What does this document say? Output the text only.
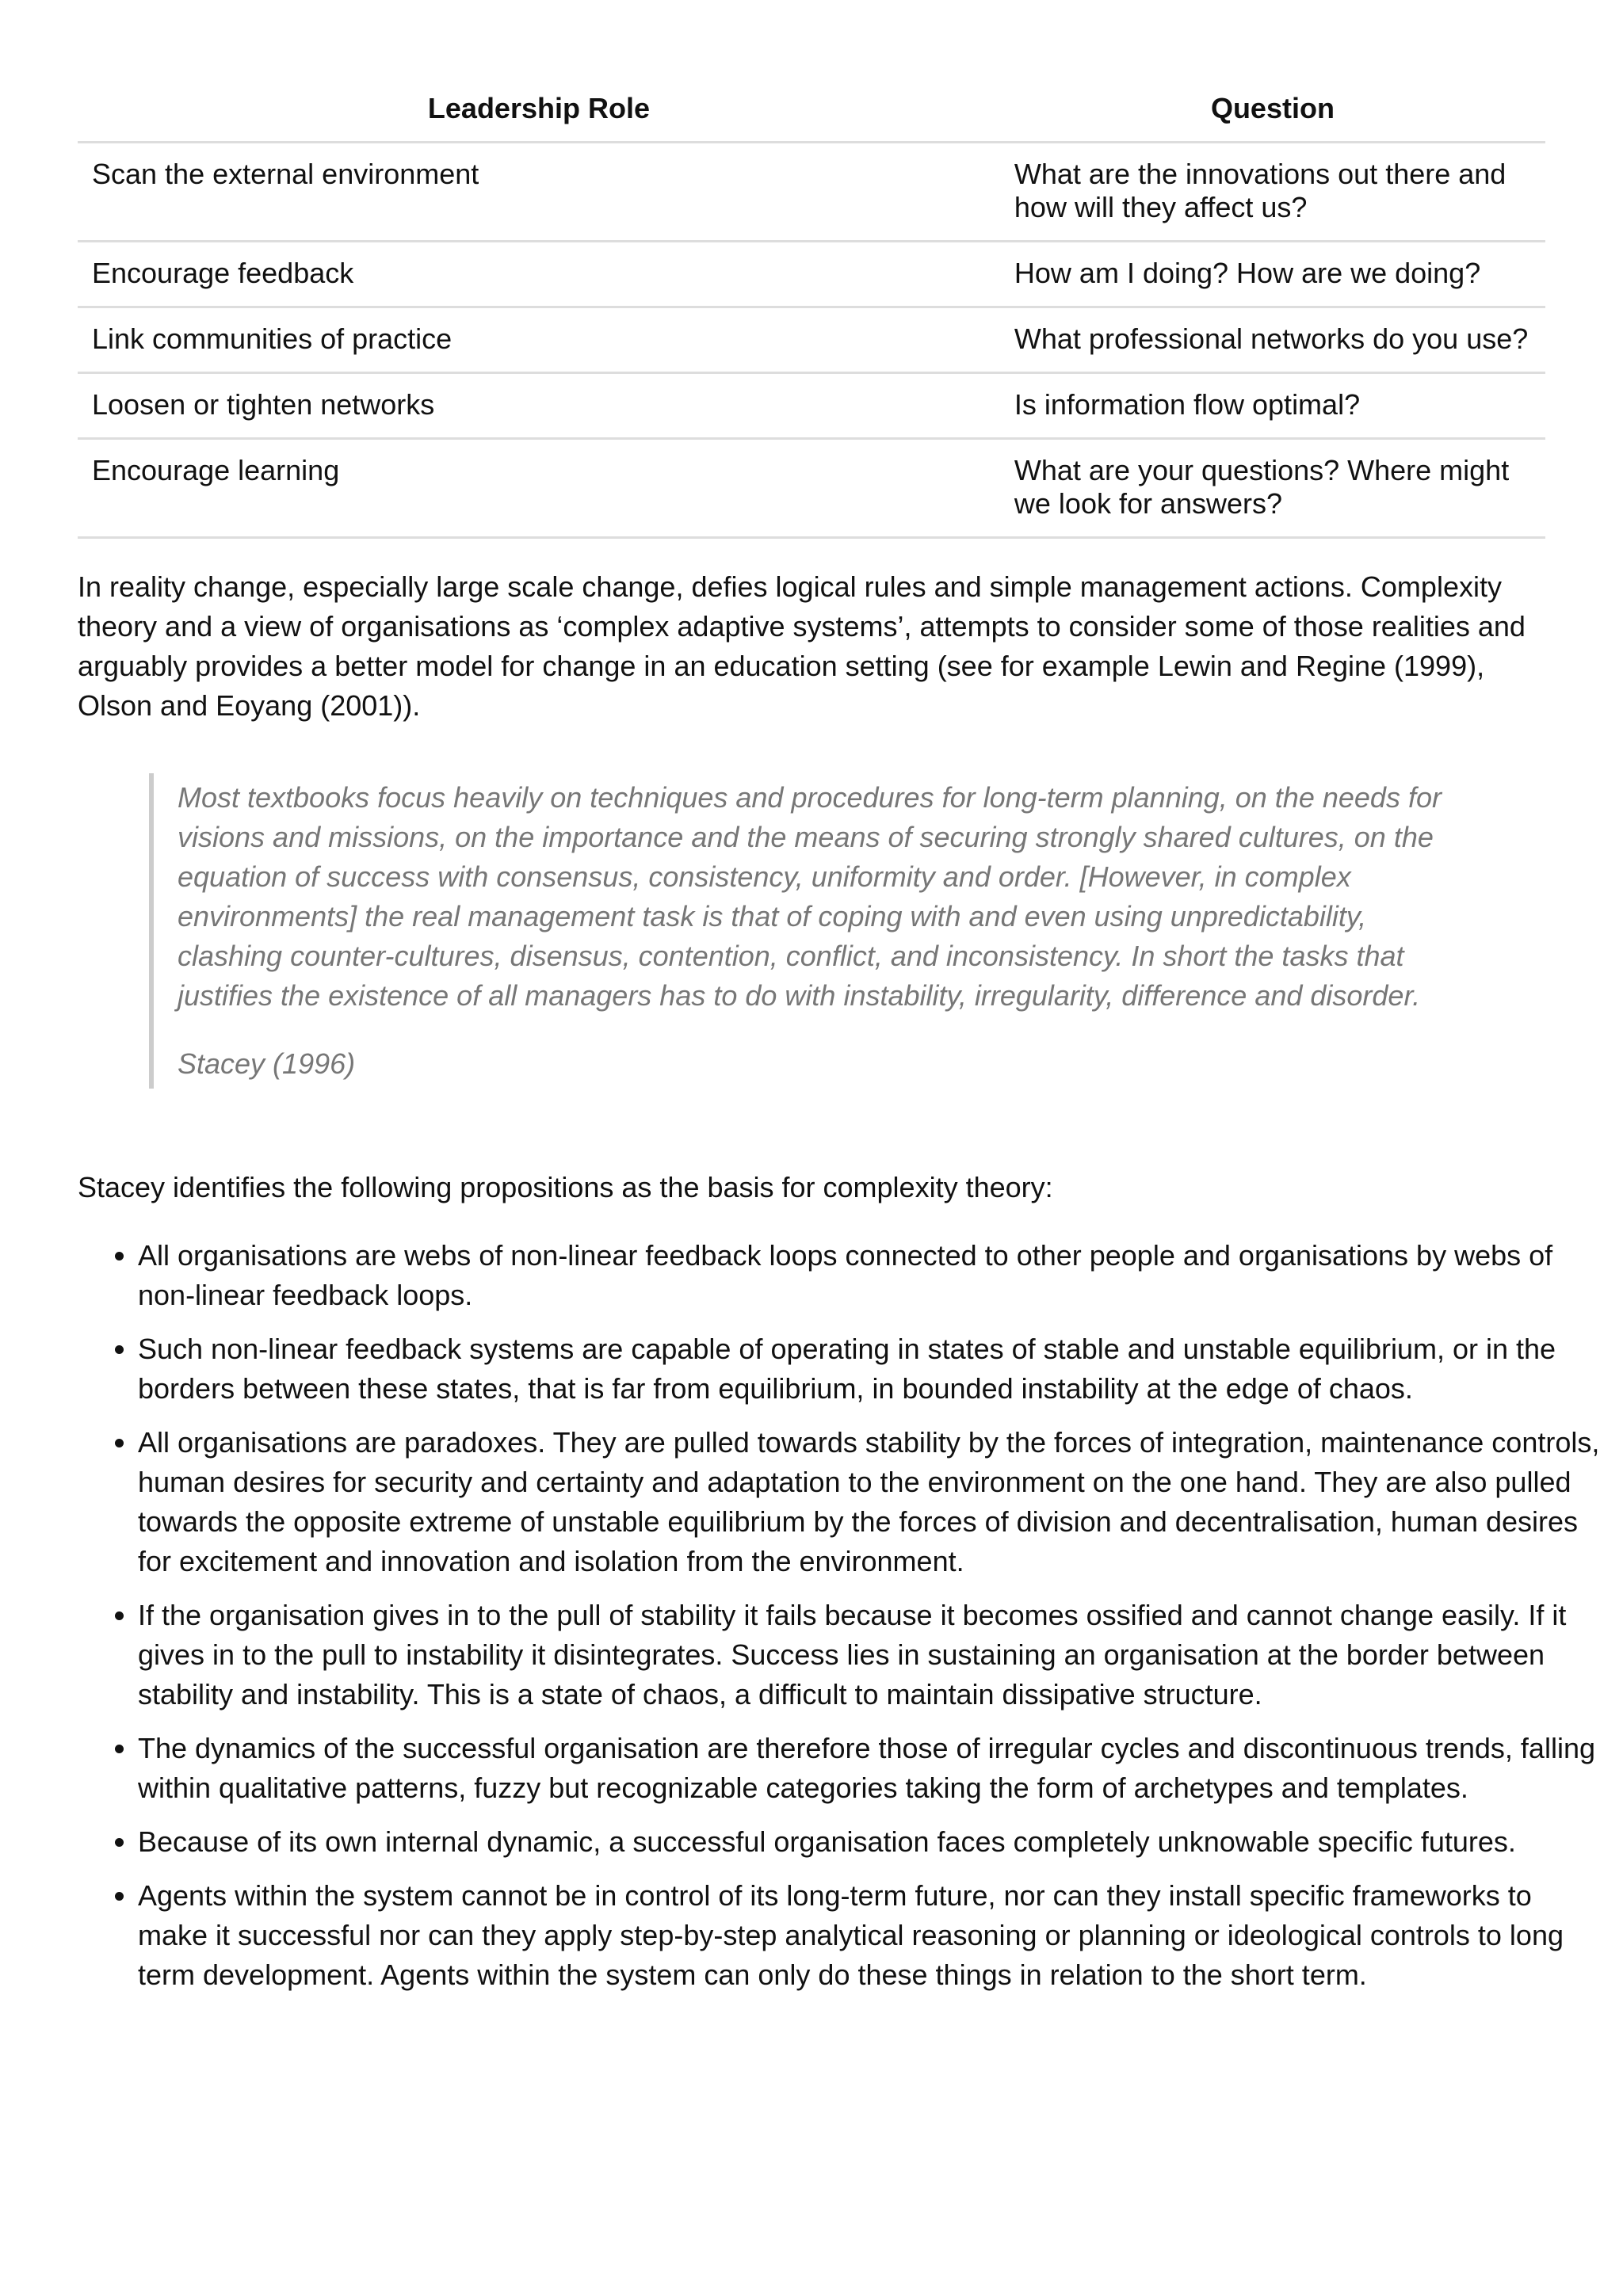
Leadership Role	Question
Scan the external environment	What are the innovations out there and how will they affect us?
Encourage feedback	How am I doing? How are we doing?
Link communities of practice	What professional networks do you use?
Loosen or tighten networks	Is information flow optimal?
Encourage learning	What are your questions? Where might we look for answers?

In reality change, especially large scale change, defies logical rules and simple management actions. Complexity theory and a view of organisations as ‘complex adaptive systems’, attempts to consider some of those realities and arguably provides a better model for change in an education setting (see for example Lewin and Regine (1999), Olson and Eoyang (2001)).

Most textbooks focus heavily on techniques and procedures for long-term planning, on the needs for visions and missions, on the importance and the means of securing strongly shared cultures, on the equation of success with consensus, consistency, uniformity and order. [However, in complex environments] the real management task is that of coping with and even using unpredictability, clashing counter-cultures, disensus, contention, conflict, and inconsistency. In short the tasks that justifies the existence of all managers has to do with instability, irregularity, difference and disorder.

Stacey (1996)

Stacey identifies the following propositions as the basis for complexity theory:

• All organisations are webs of non-linear feedback loops connected to other people and organisations by webs of non-linear feedback loops.
• Such non-linear feedback systems are capable of operating in states of stable and unstable equilibrium, or in the borders between these states, that is far from equilibrium, in bounded instability at the edge of chaos.
• All organisations are paradoxes. They are pulled towards stability by the forces of integration, maintenance controls, human desires for security and certainty and adaptation to the environment on the one hand. They are also pulled towards the opposite extreme of unstable equilibrium by the forces of division and decentralisation, human desires for excitement and innovation and isolation from the environment.
• If the organisation gives in to the pull of stability it fails because it becomes ossified and cannot change easily. If it gives in to the pull to instability it disintegrates. Success lies in sustaining an organisation at the border between stability and instability. This is a state of chaos, a difficult to maintain dissipative structure.
• The dynamics of the successful organisation are therefore those of irregular cycles and discontinuous trends, falling within qualitative patterns, fuzzy but recognizable categories taking the form of archetypes and templates.
• Because of its own internal dynamic, a successful organisation faces completely unknowable specific futures.
• Agents within the system cannot be in control of its long-term future, nor can they install specific frameworks to make it successful nor can they apply step-by-step analytical reasoning or planning or ideological controls to long term development. Agents within the system can only do these things in relation to the short term.
